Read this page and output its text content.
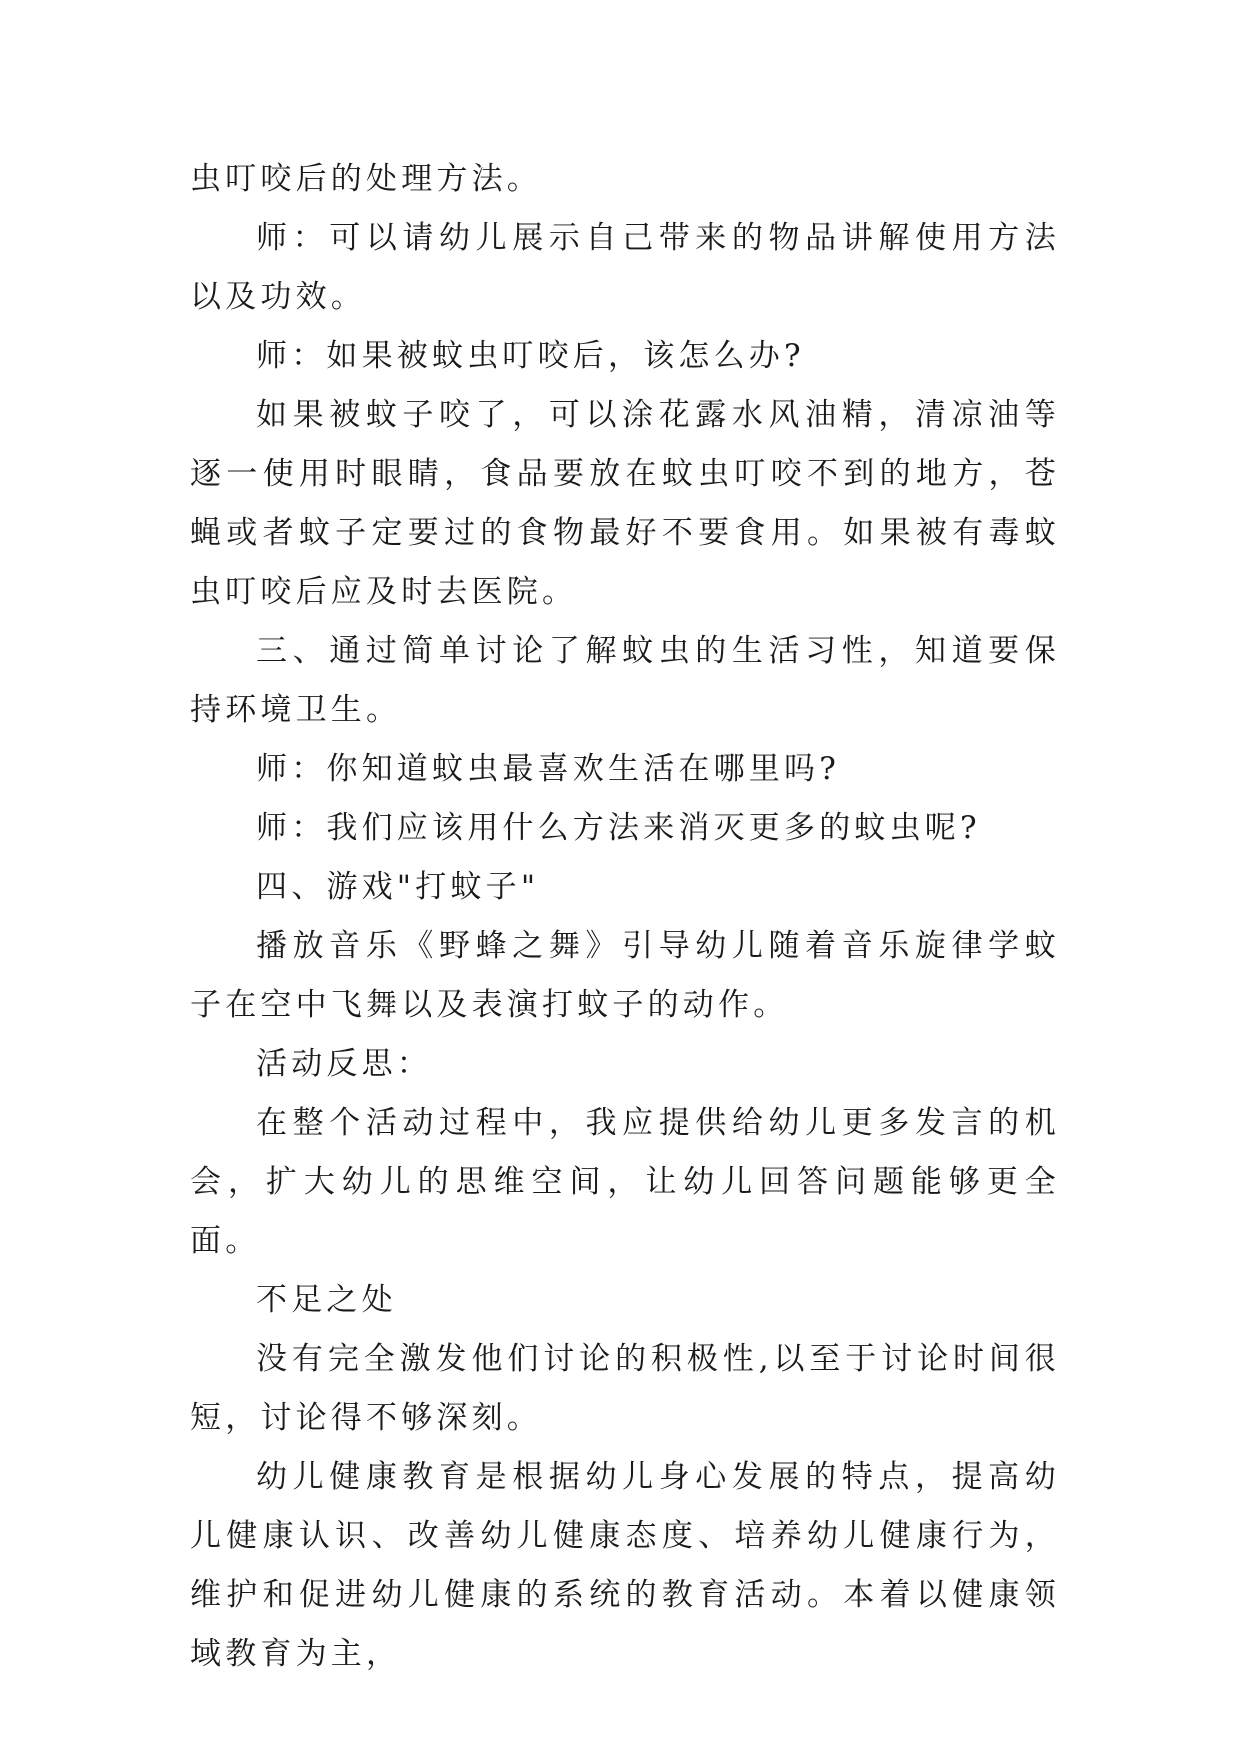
虫叮咬后的处理方法。

师：可以请幼儿展示自己带来的物品讲解使用方法以及功效。

师：如果被蚊虫叮咬后，该怎么办?

如果被蚊子咬了，可以涂花露水风油精，清凉油等逐一使用时眼睛，食品要放在蚊虫叮咬不到的地方，苍蝇或者蚊子定要过的食物最好不要食用。如果被有毒蚊虫叮咬后应及时去医院。

三、通过简单讨论了解蚊虫的生活习性，知道要保持环境卫生。

师：你知道蚊虫最喜欢生活在哪里吗?

师：我们应该用什么方法来消灭更多的蚊虫呢?

四、游戏"打蚊子"

播放音乐《野蜂之舞》引导幼儿随着音乐旋律学蚊子在空中飞舞以及表演打蚊子的动作。

活动反思：

在整个活动过程中，我应提供给幼儿更多发言的机会，扩大幼儿的思维空间，让幼儿回答问题能够更全面。

不足之处

没有完全激发他们讨论的积极性,以至于讨论时间很短，讨论得不够深刻。

幼儿健康教育是根据幼儿身心发展的特点，提高幼儿健康认识、改善幼儿健康态度、培养幼儿健康行为，维护和促进幼儿健康的系统的教育活动。本着以健康领域教育为主，
